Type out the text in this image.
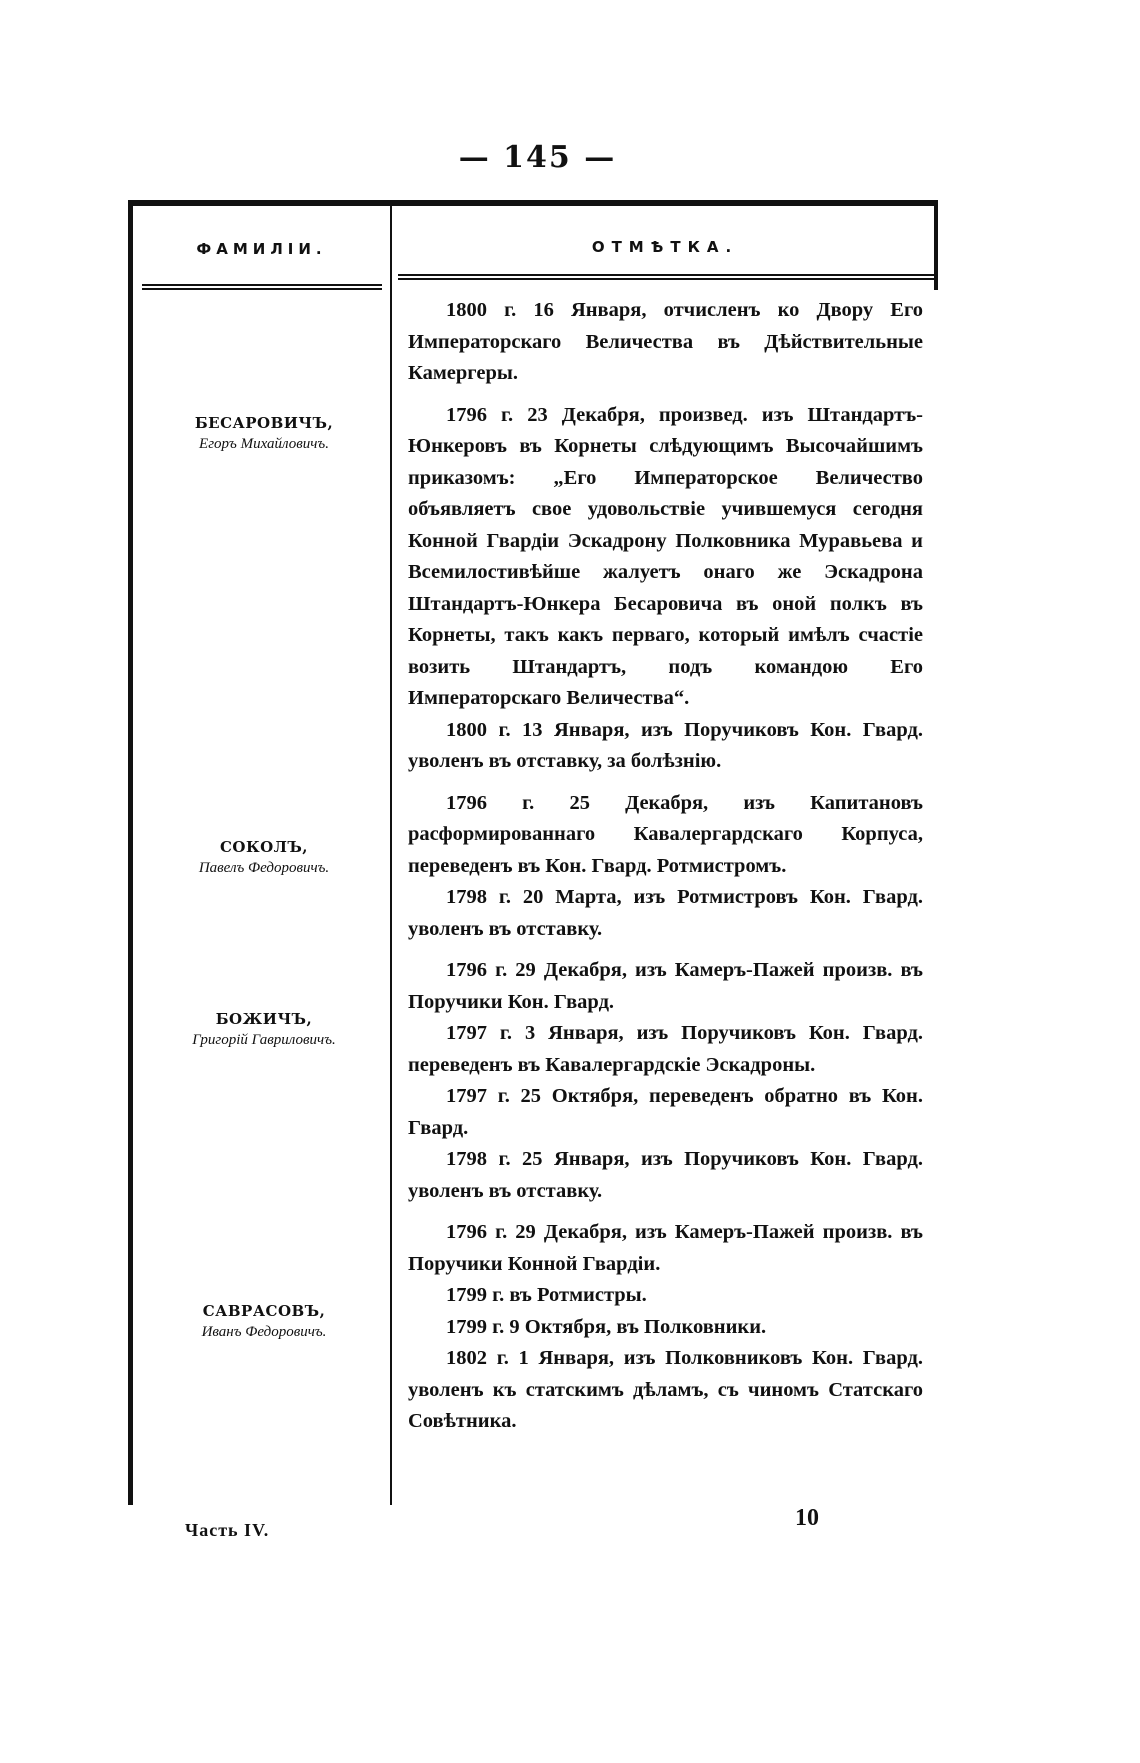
— 145 —
ФАМИЛІИ.	ОТМѢТКА.
БЕСАРОВИЧЪ,
Егоръ Михайловичъ.
СОКОЛЪ,
Павелъ Федоровичъ.
БОЖИЧЪ,
Григорій Гавриловичъ.
САВРАСОВЪ,
Иванъ Федоровичъ.

1800 г. 16 Января, отчисленъ ко Двору Его Императорскаго Величества въ Дѣйствительные Камергеры.

1796 г. 23 Декабря, произвед. изъ Штандартъ-Юнкеровъ въ Корнеты слѣдующимъ Высочайшимъ приказомъ: „Его Императорское Величество объявляетъ свое удовольствіе учившемуся сегодня Конной Гвардіи Эскадрону Полковника Муравьева и Всемилостивѣйше жалуетъ онаго же Эскадрона Штандартъ-Юнкера Бесаровича въ оной полкъ въ Корнеты, такъ какъ перваго, который имѣлъ счастіе возить Штандартъ, подъ командою Его Императорскаго Величества“.

1800 г. 13 Января, изъ Поручиковъ Кон. Гвард. уволенъ въ отставку, за болѣзнію.

1796 г. 25 Декабря, изъ Капитановъ расформированнаго Кавалергардскаго Корпуса, переведенъ въ Кон. Гвард. Ротмистромъ.

1798 г. 20 Марта, изъ Ротмистровъ Кон. Гвард. уволенъ въ отставку.

1796 г. 29 Декабря, изъ Камеръ-Пажей произв. въ Поручики Кон. Гвард.

1797 г. 3 Января, изъ Поручиковъ Кон. Гвард. переведенъ въ Кавалергардскіе Эскадроны.

1797 г. 25 Октября, переведенъ обратно въ Кон. Гвард.

1798 г. 25 Января, изъ Поручиковъ Кон. Гвард. уволенъ въ отставку.

1796 г. 29 Декабря, изъ Камеръ-Пажей произв. въ Поручики Конной Гвардіи.

1799 г. въ Ротмистры.

1799 г. 9 Октября, въ Полковники.

1802 г. 1 Января, изъ Полковниковъ Кон. Гвард. уволенъ къ статскимъ дѣламъ, съ чиномъ Статскаго Совѣтника.

Часть IV.	10
